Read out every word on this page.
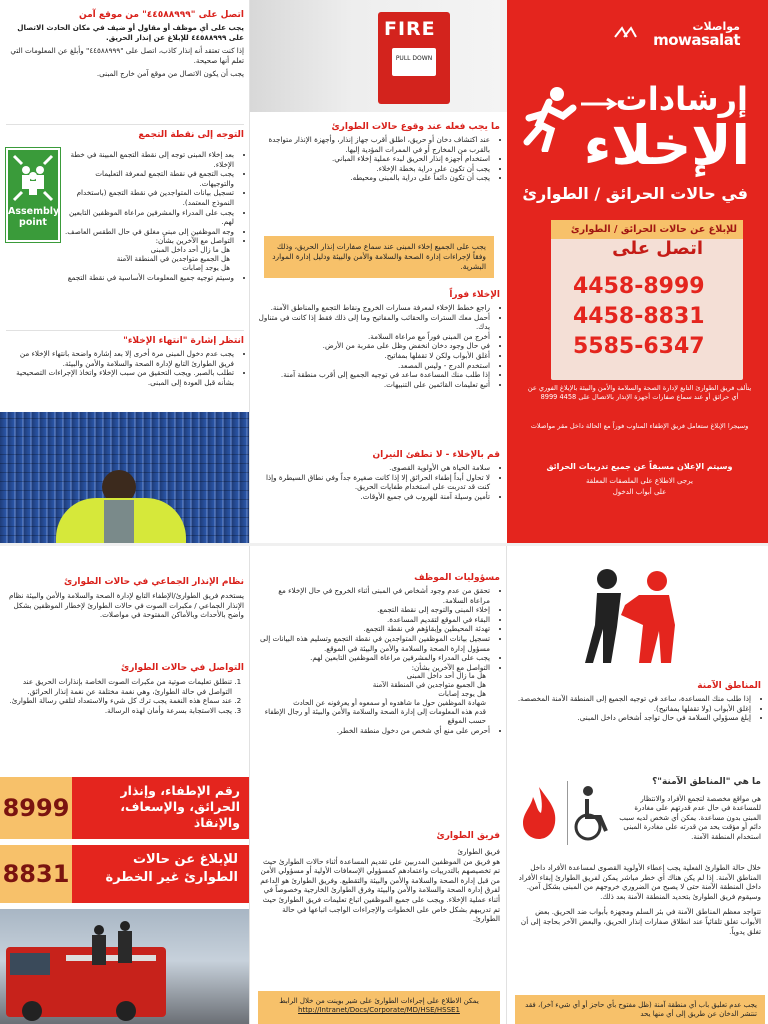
مواصلات
mowasalat
إرشادات
الإخلاء
في حالات الحرائق / الطوارئ
للإبلاغ عن حالات الحرائق / الطوارئ
اتصل على
4458-8999
4458-8831
5585-6347
يتألف فريق الطوارئ التابع لإدارة الصحة والسلامة والأمن والبيئة بالإبلاغ الفوري عن أي حرائق أو عند سماع صفارات أجهزة الإنذار بالاتصال على 4458 8999
وسيجرا الإبلاغ ستعامل فريق الإطفاء المناوب فوراً مع الحالة داخل مقر مواصلات
وسيتم الإعلان مسبقاً عن جميع تدريبات الحرائق
يرجى الاطلاع على الملصقات المعلقة
على أبواب الدخول
FIRE
PULL DOWN
ما يجب فعله عند وقوع حالات الطوارئ
• عند اكتشاف دخان أو حريق، اطلق أقرب جهاز إنذار، وأجهزة الإنذار متواجدة بالقرب من المخارج أو في الممرات المؤدية إليها.
• استخدام أجهزة إنذار الحريق لبدء عملية إخلاء المباني.
• يجب أن تكون على دراية بخطة الإخلاء.
• يجب أن تكون دائماً على دراية بالمبنى ومحيطه.
يجب على الجميع إخلاء المبنى عند سماع صفارات إنذار الحريق، وذلك وفقاً لإجراءات إدارة الصحة والسلامة والأمن والبيئة ودليل إدارة الموارد البشرية.
الإخلاء فوراً
• راجع خطط الإخلاء لمعرفة مسارات الخروج ونقاط التجمع والمناطق الآمنة.
• أحمل معك السترات والحقائب والمفاتيح وما إلى ذلك فقط إذا كانت في متناول يدك.
• أخرج من المبنى فوراً مع مراعاة السلامة.
• في حال وجود دخان انخفض وظل على مقربة من الأرض.
• أغلق الأبواب ولكن لا تقفلها بمفاتيح.
• استخدم الدرج - وليس المصعد.
• إذا طلب منك المساعدة ساعد في توجيه الجميع إلى أقرب منطقة آمنة.
• أتبع تعليمات القائمين على التنبيهات.
قم بالإخلاء - لا تطفئ النيران
• سلامة الحياة هي الأولوية القصوى.
• لا تحاول أبداً إطفاء الحرائق إلا إذا كانت صغيرة جداً وفي نطاق السيطرة وإذا كنت قد تدربت على استخدام طفايات الحريق.
• تأمين وسيلة آمنة للهروب في جميع الأوقات.
اتصل على "٤٤٥٨٨٩٩٩" من موقع آمن

يجب على أي موظف أو مقاول أو ضيف في مكان الحادث الاتصال على ٤٤٥٨٨٩٩٩ للإبلاغ عن إنذار الحريق.

إذا كنت تعتقد أنه إنذار كاذب، اتصل على "٤٤٥٨٨٩٩٩" وأبلغ عن المعلومات التي تعلم أنها صحيحة.

يجب أن يكون الاتصال من موقع آمن خارج المبنى.

التوجه إلى نقطة التجمع
Assembly point
• بعد إخلاء المبنى توجه إلى نقطة التجمع المبينة في خطة الإخلاء.
• يجب التجمع في نقطة التجمع لمعرفة التعليمات والتوجيهات.
• تسجيل بيانات المتواجدين في نقطة التجمع (باستخدام النموذج المعتمد).
• يجب على المدراء والمشرفين مراعاة الموظفين التابعين لهم.
• وجه الموظفين إلى مبنى مغلق في حال الطقس العاصف.
• التواصل مع الآخرين بشأن:
هل ما زال أحد داخل المبنى
هل الجميع متواجدين في المنطقة الآمنة
هل يوجد إصابات
• وسيتم توجيه جميع المعلومات الأساسية في نقطة التجمع
انتظر إشارة "انتهاء الإخلاء"
• يجب عدم دخول المبنى مرة أخرى إلا بعد إشارة واضحة بانتهاء الإخلاء من فريق الطوارئ التابع لإدارة الصحة والسلامة والأمن والبيئة.
• تطلب بالصبر. ويجب التحقيق من سبب الإخلاء واتخاذ الإجراءات التصحيحية بشأنه قبل العودة إلى المبنى.
المناطق الآمنة
• إذا طلب منك المساعدة، ساعد في توجيه الجميع إلى المنطقة الآمنة المخصصة.
• إغلق الأبواب (ولا تقفلها بمفاتيح).
• إبلغ مسؤولي السلامة في حال تواجد أشخاص داخل المبنى.
ما هي "المناطق الآمنة"؟

هي مواقع مخصصة لتجمع الأفراد والانتظار للمساعدة في حال عدم قدرتهم على مغادرة المبنى بدون مساعدة. يمكن أي شخص لديه سبب دائم أو مؤقت يحد من قدرته على مغادرة المبنى استخدام المنطقة الآمنة.

خلال حالة الطوارئ الفعلية يجب إعطاء الأولوية القصوى لمساعدة الأفراد داخل المناطق الآمنة. إذا لم يكن هناك أي خطر مباشر يمكن لفريق الطوارئ إبقاء الأفراد داخل المنطقة الآمنة حتى لا يصبح من الضروري خروجهم من المبنى بشكل آمن. وسيقوم فريق الطوارئ بتحديد المنطقة الآمنة بعد ذلك.

تتواجد معظم المناطق الآمنة في بئر السلم ومجهزة بأبواب ضد الحريق. بعض الأبواب تغلق تلقائياً عند انطلاق صفارات إنذار الحريق، والبعض الآخر بحاجة إلى أن تغلق يدوياً.

يجب عدم تعليق باب أي منطقة آمنة (ظل مفتوح بأي حاجز أو أي شيء آخر)، فقد تنتشر الدخان عن طريق إلى أي منها يحد
مسؤوليات الموظف
• تحقق من عدم وجود أشخاص في المبنى أثناء الخروج في حال الإخلاء مع مراعاة السلامة.
• إخلاء المبنى والتوجه إلى نقطة التجمع.
• البقاء في الموقع لتقديم المساعدة.
• تهدئة المحيطين وإبقاؤهم في نقطة التجمع.
• تسجيل بيانات الموظفين المتواجدين في نقطة التجمع وتسليم هذه البيانات إلى مسؤول إدارة الصحة والسلامة والأمن والبيئة في الموقع.
• يجب على المدراء والمشرفين مراعاة الموظفين التابعين لهم.
• التواصل مع الآخرين بشأن:
هل ما زال أحد داخل المبنى
هل الجميع متواجدين في المنطقة الآمنة
هل يوجد إصابات
شهادة الموظفين حول ما شاهدوه أو سمعوه أو يعرفونه عن الحادث
قدم هذه المعلومات إلى إدارة الصحة والسلامة والأمن والبيئة أو رجال الإطفاء حسب الموقع
• أحرص على منع أي شخص من دخول منطقة الخطر.
فريق الطوارئ
فريق الطوارئ

هو فريق من الموظفين المدربين على تقديم المساعدة أثناء حالات الطوارئ حيث تم تخصيصهم بالتدريبات واعتمادهم كمسؤولي الإسعافات الأولية أو مسؤولي الأمن من قبل إدارة الصحة والسلامة والأمن والبيئة والتقطيع. وفريق الطوارئ هو الداعم لفرق إدارة الصحة والسلامة والأمن والبيئة وفرق الطوارئ الخارجية وخصوصاً في أثناء عملية الإخلاء. ويجب على جميع الموظفين اتباع تعليمات فريق الطوارئ حيث تم تدريبهم بشكل خاص على الخطوات والإجراءات الواجب اتباعها في حالة الطوارئ.

يمكن الاطلاع على إجراءات الطوارئ على شير بوينت من خلال الرابط
http://Intranet/Docs/Corporate/MD/HSE/HSSE1
نظام الإنذار الجماعي في حالات الطوارئ

يستخدم فريق الطوارئ/الإطفاء التابع لإدارة الصحة والسلامة والأمن والبيئة نظام الإنذار الجماعي / مكبرات الصوت في حالات الطوارئ لإخطار الموظفين بشكل واضح بالأحداث وبالأماكن المفتوحة في مواصلات.

التواصل في حالات الطوارئ
1. تنطلق تعليمات صوتية من مكبرات الصوت الخاصة بإنذارات الحريق عند التواصل في حالة الطوارئ، وهي نغمة مختلفة عن نغمة إنذار الحرائق.
2. عند سماع هذه النغمة يجب ترك كل شيء والاستعداد لتلقي رسالة الطوارئ.
3. يجب الاستجابة بسرعة وأمان لهذه الرسالة.
8999
رقم الإطفاء، وإنذار الحرائق، والإسعاف، والإنقاذ
8831
للإبلاغ عن حالات الطوارئ غير الخطرة
